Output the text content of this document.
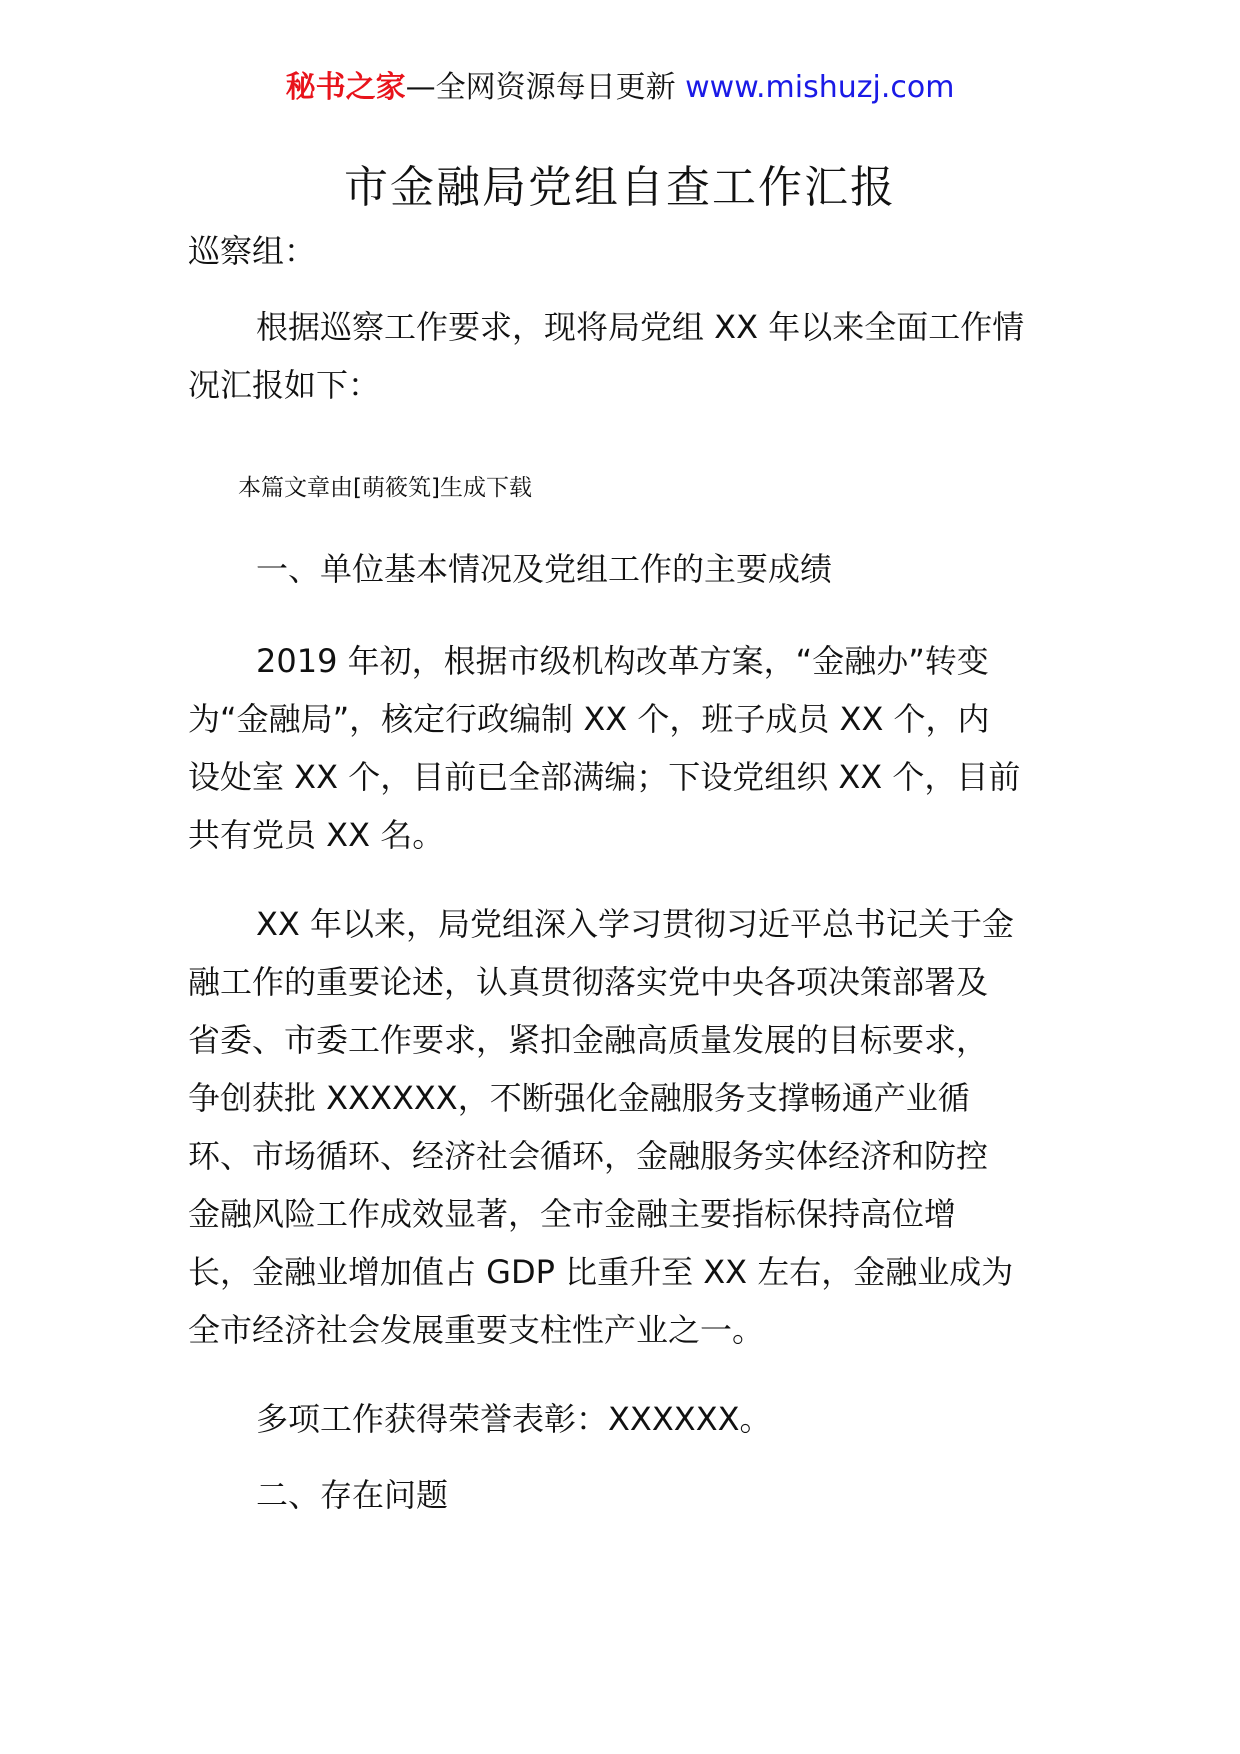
秘书之家—全网资源每日更新 www.mishuzj.com
市金融局党组自查工作汇报

巡察组：

根据巡察工作要求，现将局党组 XX 年以来全面工作情
况汇报如下：

本篇文章由[萌筱笂]生成下载

一、单位基本情况及党组工作的主要成绩

2019 年初，根据市级机构改革方案，“金融办”转变
为“金融局”，核定行政编制 XX 个，班子成员 XX 个，内
设处室 XX 个，目前已全部满编；下设党组织 XX 个，目前
共有党员 XX 名。

XX 年以来，局党组深入学习贯彻习近平总书记关于金
融工作的重要论述，认真贯彻落实党中央各项决策部署及
省委、市委工作要求，紧扣金融高质量发展的目标要求，
争创获批 XXXXXX，不断强化金融服务支撑畅通产业循
环、市场循环、经济社会循环，金融服务实体经济和防控
金融风险工作成效显著，全市金融主要指标保持高位增
长，金融业增加值占 GDP 比重升至 XX 左右，金融业成为
全市经济社会发展重要支柱性产业之一。

多项工作获得荣誉表彰：XXXXXX。

二、存在问题
